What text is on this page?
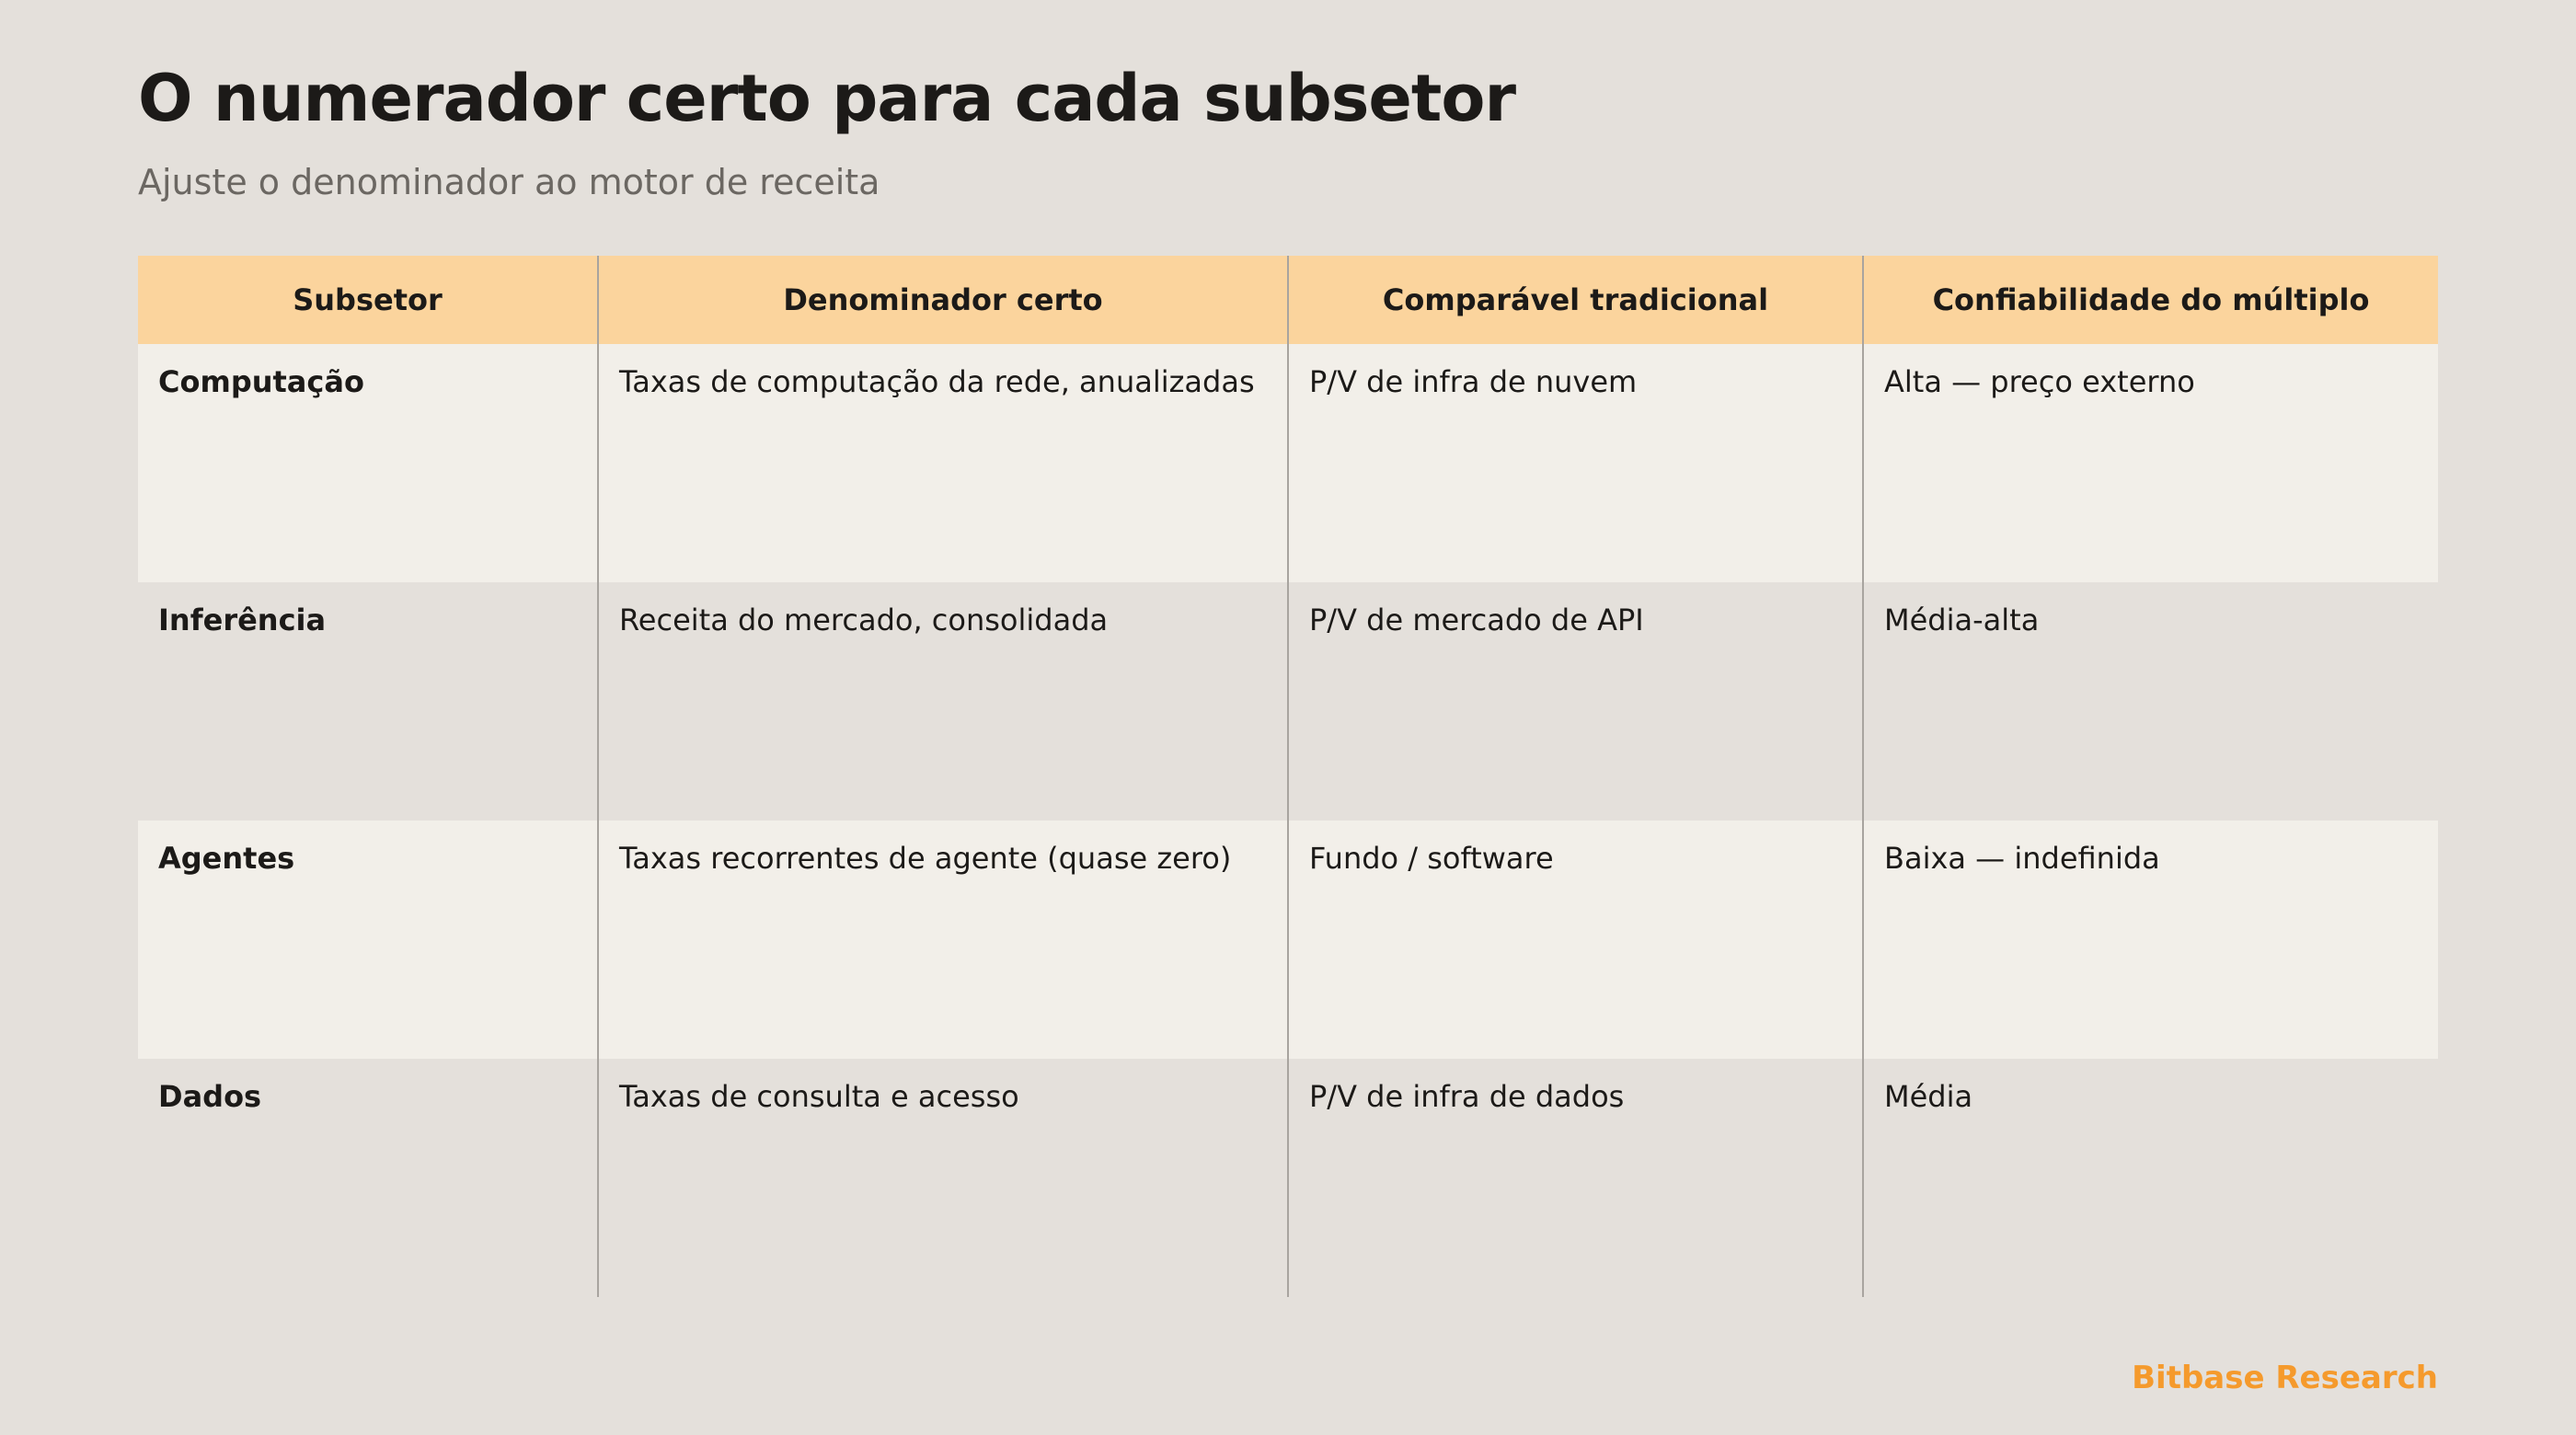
O numerador certo para cada subsetor
Ajuste o denominador ao motor de receita
Subsetor	Denominador certo	Comparável tradicional	Confiabilidade do múltiplo
Computação	Taxas de computação da rede, anualizadas	P/V de infra de nuvem	Alta — preço externo
Inferência	Receita do mercado, consolidada	P/V de mercado de API	Média-alta
Agentes	Taxas recorrentes de agente (quase zero)	Fundo / software	Baixa — indefinida
Dados	Taxas de consulta e acesso	P/V de infra de dados	Média
Bitbase Research
